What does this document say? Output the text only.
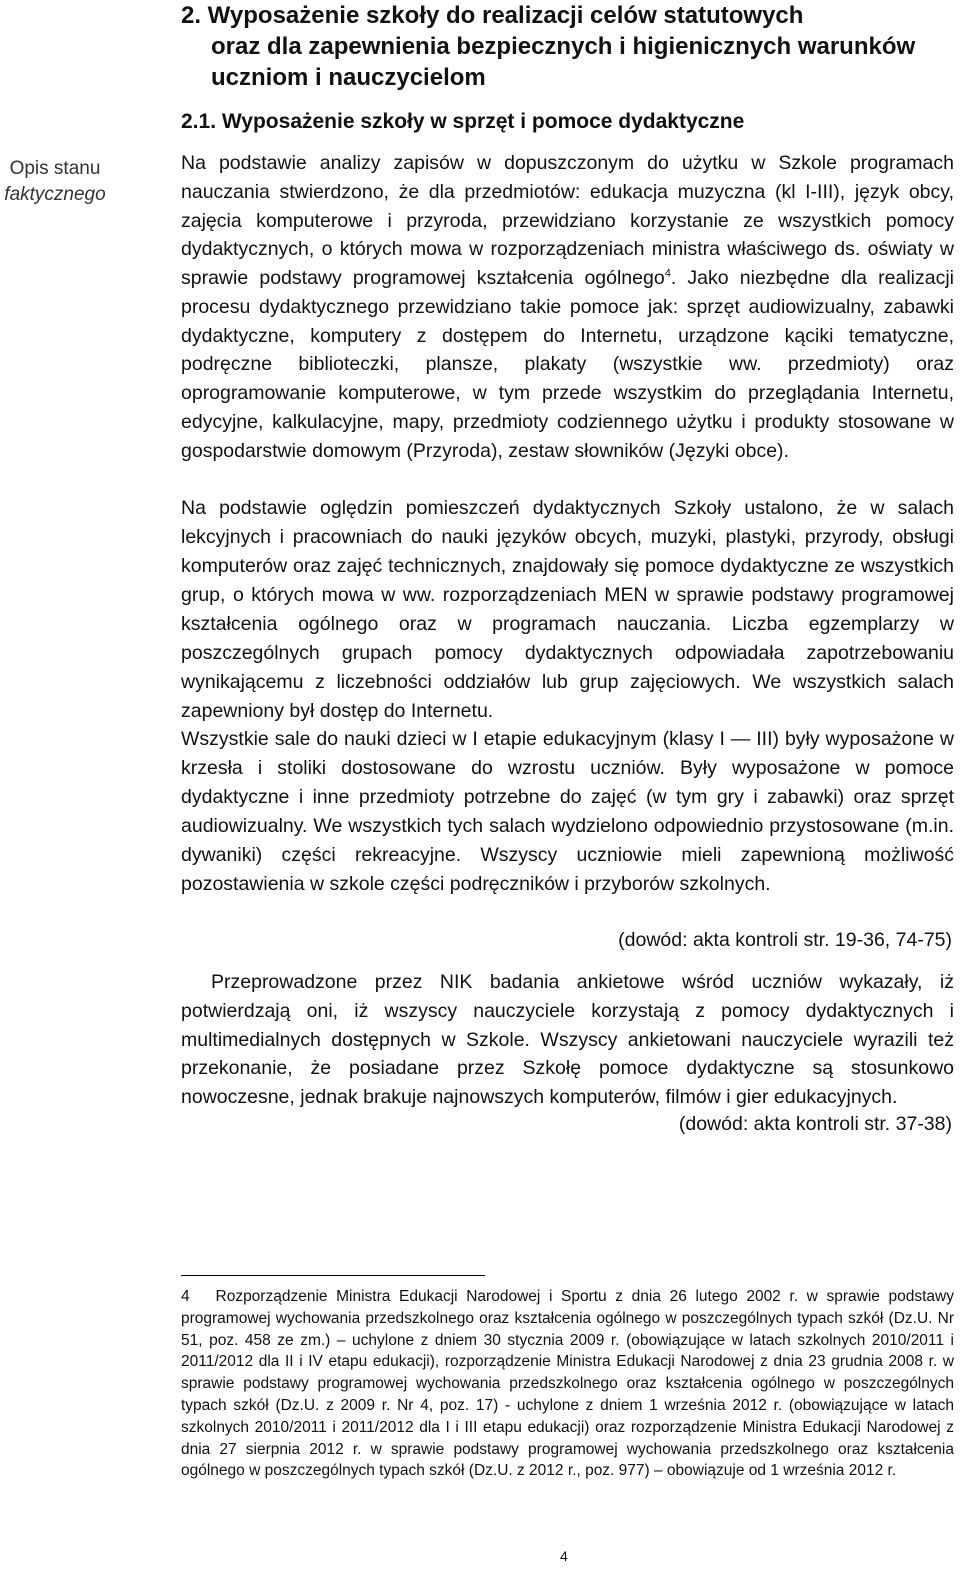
2. Wyposażenie szkoły do realizacji celów statutowych
oraz dla zapewnienia bezpiecznych i higienicznych warunków
uczniom i nauczycielom
2.1. Wyposażenie szkoły w sprzęt i pomoce dydaktyczne
Opis stanu
faktycznego
Na podstawie analizy zapisów w dopuszczonym do użytku w Szkole programach nauczania stwierdzono, że dla przedmiotów: edukacja muzyczna (kl I-III), język obcy, zajęcia komputerowe i przyroda, przewidziano korzystanie ze wszystkich pomocy dydaktycznych, o których mowa w rozporządzeniach ministra właściwego ds. oświaty w sprawie podstawy programowej kształcenia ogólnego$^4$. Jako niezbędne dla realizacji procesu dydaktycznego przewidziano takie pomoce jak: sprzęt audiowizualny, zabawki dydaktyczne, komputery z dostępem do Internetu, urządzone kąciki tematyczne, podręczne biblioteczki, plansze, plakaty (wszystkie ww. przedmioty) oraz oprogramowanie komputerowe, w tym przede wszystkim do przeglądania Internetu, edycyjne, kalkulacyjne, mapy, przedmioty codziennego użytku i produkty stosowane w gospodarstwie domowym (Przyroda), zestaw słowników (Języki obce).
Na podstawie oględzin pomieszczeń dydaktycznych Szkoły ustalono, że w salach lekcyjnych i pracowniach do nauki języków obcych, muzyki, plastyki, przyrody, obsługi komputerów oraz zajęć technicznych, znajdowały się pomoce dydaktyczne ze wszystkich grup, o których mowa w ww. rozporządzeniach MEN w sprawie podstawy programowej kształcenia ogólnego oraz w programach nauczania. Liczba egzemplarzy w poszczególnych grupach pomocy dydaktycznych odpowiadała zapotrzebowaniu wynikającemu z liczebności oddziałów lub grup zajęciowych. We wszystkich salach zapewniony był dostęp do Internetu.
Wszystkie sale do nauki dzieci w I etapie edukacyjnym (klasy I — III) były wyposażone w krzesła i stoliki dostosowane do wzrostu uczniów. Były wyposażone w pomoce dydaktyczne i inne przedmioty potrzebne do zajęć (w tym gry i zabawki) oraz sprzęt audiowizualny. We wszystkich tych salach wydzielono odpowiednio przystosowane (m.in. dywaniki) części rekreacyjne. Wszyscy uczniowie mieli zapewnioną możliwość pozostawienia w szkole części podręczników i przyborów szkolnych.
(dowód: akta kontroli str. 19-36, 74-75)
Przeprowadzone przez NIK badania ankietowe wśród uczniów wykazały, iż potwierdzają oni, iż wszyscy nauczyciele korzystają z pomocy dydaktycznych i multimedialnych dostępnych w Szkole. Wszyscy ankietowani nauczyciele wyrazili też przekonanie, że posiadane przez Szkołę pomoce dydaktyczne są stosunkowo nowoczesne, jednak brakuje najnowszych komputerów, filmów i gier edukacyjnych.
(dowód: akta kontroli str. 37-38)
4 Rozporządzenie Ministra Edukacji Narodowej i Sportu z dnia 26 lutego 2002 r. w sprawie podstawy programowej wychowania przedszkolnego oraz kształcenia ogólnego w poszczególnych typach szkół (Dz.U. Nr 51, poz. 458 ze zm.) – uchylone z dniem 30 stycznia 2009 r. (obowiązujące w latach szkolnych 2010/2011 i 2011/2012 dla II i IV etapu edukacji), rozporządzenie Ministra Edukacji Narodowej z dnia 23 grudnia 2008 r. w sprawie podstawy programowej wychowania przedszkolnego oraz kształcenia ogólnego w poszczególnych typach szkół (Dz.U. z 2009 r. Nr 4, poz. 17) - uchylone z dniem 1 września 2012 r. (obowiązujące w latach szkolnych 2010/2011 i 2011/2012 dla I i III etapu edukacji) oraz rozporządzenie Ministra Edukacji Narodowej z dnia 27 sierpnia 2012 r. w sprawie podstawy programowej wychowania przedszkolnego oraz kształcenia ogólnego w poszczególnych typach szkół (Dz.U. z 2012 r., poz. 977) – obowiązuje od 1 września 2012 r.
4
